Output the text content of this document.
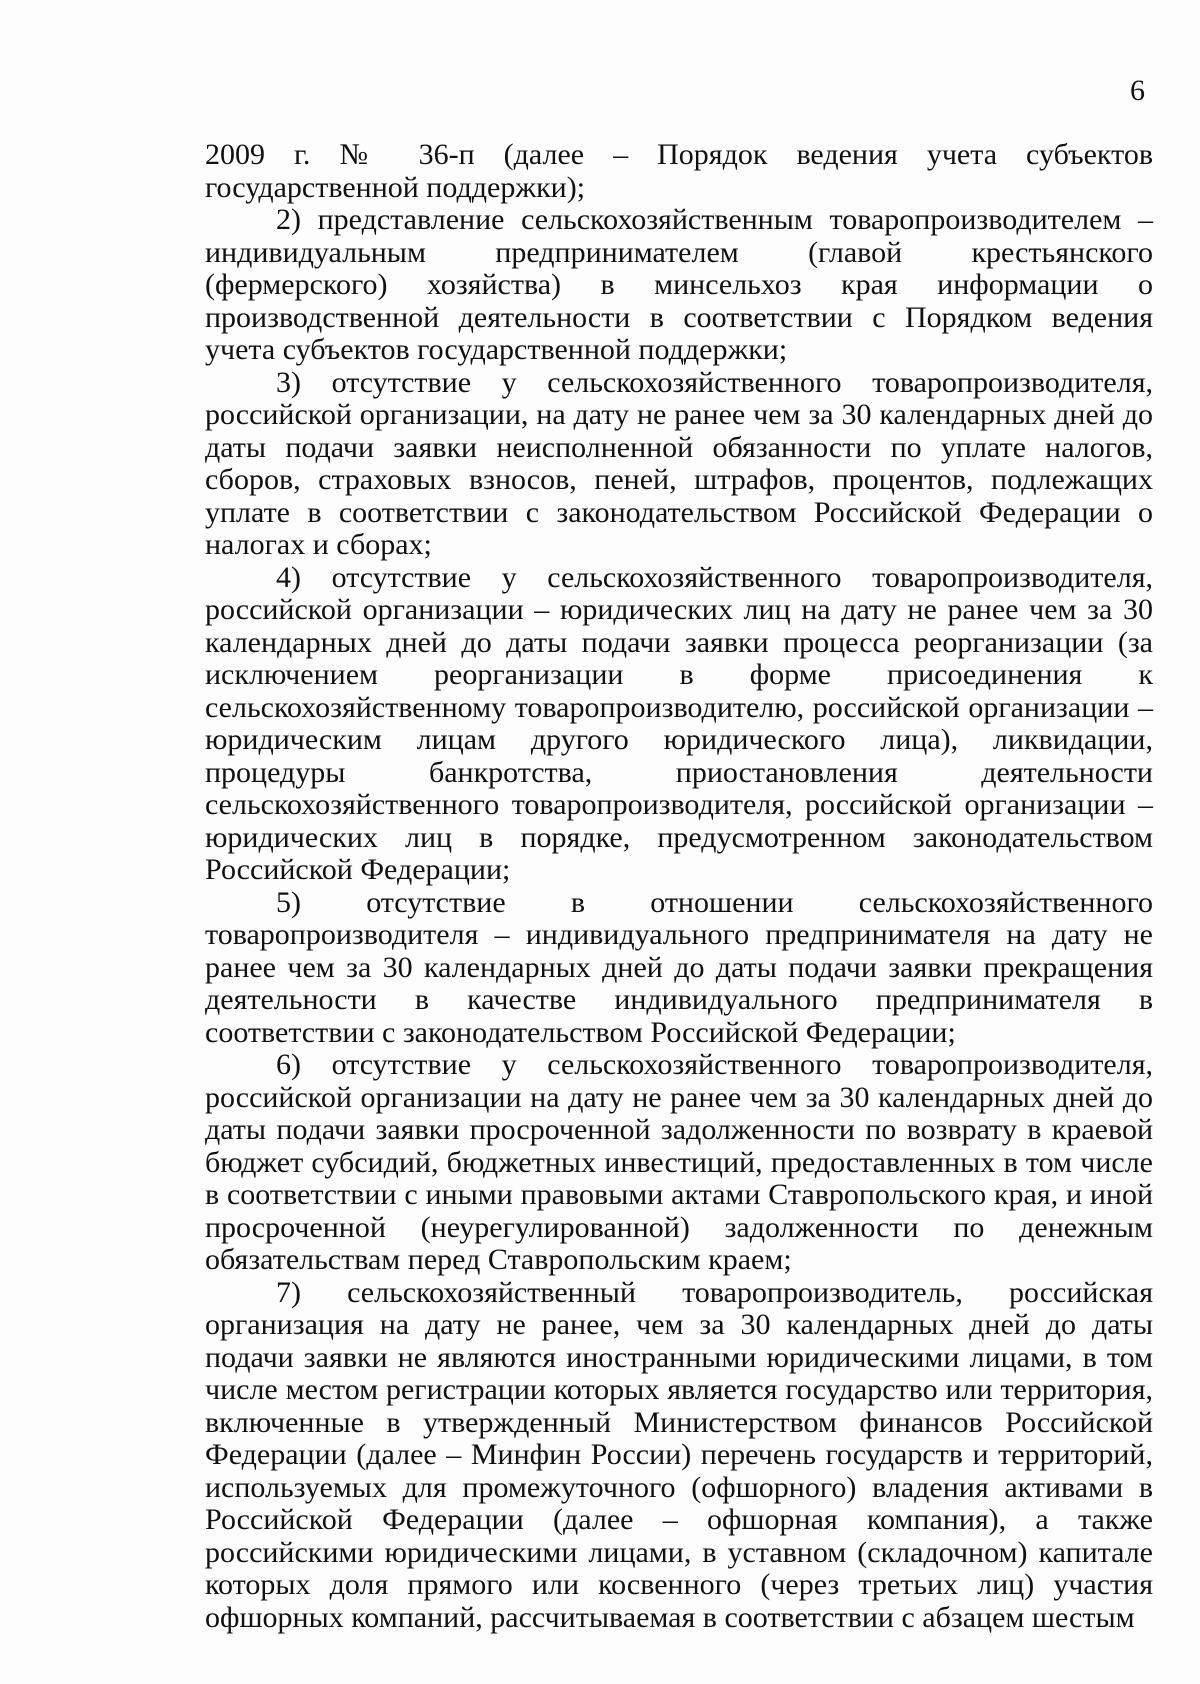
6

2009 г. № 36-п (далее – Порядок ведения учета субъектов государственной поддержки);

2) представление сельскохозяйственным товаропроизводителем – индивидуальным предпринимателем (главой крестьянского (фермерского) хозяйства) в минсельхоз края информации о производственной деятельности в соответствии с Порядком ведения учета субъектов государственной поддержки;

3) отсутствие у сельскохозяйственного товаропроизводителя, российской организации, на дату не ранее чем за 30 календарных дней до даты подачи заявки неисполненной обязанности по уплате налогов, сборов, страховых взносов, пеней, штрафов, процентов, подлежащих уплате в соответствии с законодательством Российской Федерации о налогах и сборах;

4) отсутствие у сельскохозяйственного товаропроизводителя, российской организации – юридических лиц на дату не ранее чем за 30 календарных дней до даты подачи заявки процесса реорганизации (за исключением реорганизации в форме присоединения к сельскохозяйственному товаропроизводителю, российской организации – юридическим лицам другого юридического лица), ликвидации, процедуры банкротства, приостановления деятельности сельскохозяйственного товаропроизводителя, российской организации – юридических лиц в порядке, предусмотренном законодательством Российской Федерации;

5) отсутствие в отношении сельскохозяйственного товаропроизводителя – индивидуального предпринимателя на дату не ранее чем за 30 календарных дней до даты подачи заявки прекращения деятельности в качестве индивидуального предпринимателя в соответствии с законодательством Российской Федерации;

6) отсутствие у сельскохозяйственного товаропроизводителя, российской организации на дату не ранее чем за 30 календарных дней до даты подачи заявки просроченной задолженности по возврату в краевой бюджет субсидий, бюджетных инвестиций, предоставленных в том числе в соответствии с иными правовыми актами Ставропольского края, и иной просроченной (неурегулированной) задолженности по денежным обязательствам перед Ставропольским краем;

7) сельскохозяйственный товаропроизводитель, российская организация на дату не ранее, чем за 30 календарных дней до даты подачи заявки не являются иностранными юридическими лицами, в том числе местом регистрации которых является государство или территория, включенные в утвержденный Министерством финансов Российской Федерации (далее – Минфин России) перечень государств и территорий, используемых для промежуточного (офшорного) владения активами в Российской Федерации (далее – офшорная компания), а также российскими юридическими лицами, в уставном (складочном) капитале которых доля прямого или косвенного (через третьих лиц) участия офшорных компаний, рассчитываемая в соответствии с абзацем шестым
